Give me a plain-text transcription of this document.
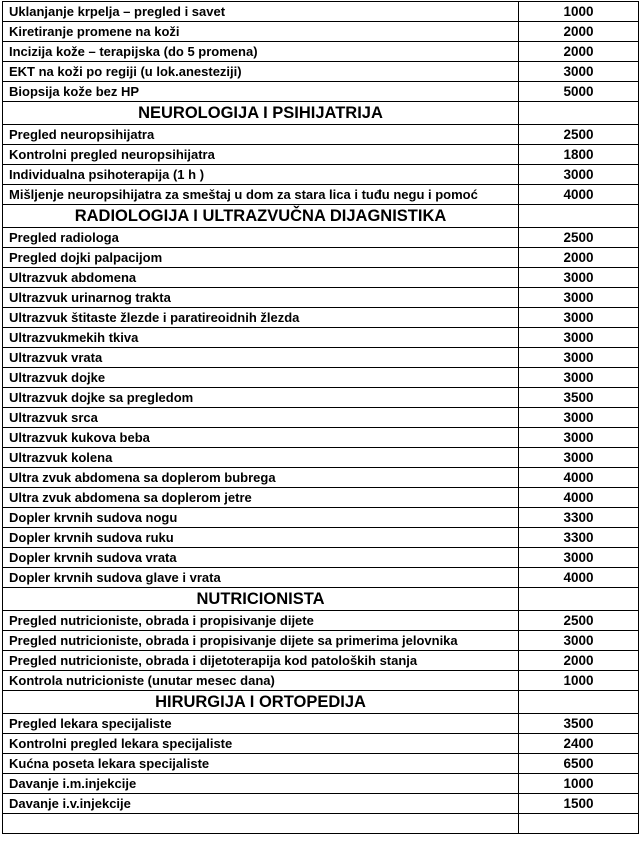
Uklanjanje krpelja – pregled i savet	1000
Kiretiranje promene na koži	2000
Incizija kože – terapijska (do 5 promena)	2000
EKT na koži po regiji (u lok.anesteziji)	3000
Biopsija kože bez HP	5000
NEUROLOGIJA I PSIHIJATRIJA	
Pregled neuropsihijatra	2500
Kontrolni pregled neuropsihijatra	1800
Individualna psihoterapija (1 h )	3000
Mišljenje neuropsihijatra za smeštaj u dom za stara lica i tuđu negu i pomoć	4000
RADIOLOGIJA I ULTRAZVUČNA DIJAGNISTIKA	
Pregled radiologa	2500
Pregled dojki palpacijom	2000
Ultrazvuk abdomena	3000
Ultrazvuk urinarnog trakta	3000
Ultrazvuk štitaste žlezde i paratireoidnih žlezda	3000
Ultrazvukmekih tkiva	3000
Ultrazvuk vrata	3000
Ultrazvuk dojke	3000
Ultrazvuk dojke sa pregledom	3500
Ultrazvuk srca	3000
Ultrazvuk kukova beba	3000
Ultrazvuk kolena	3000
Ultra zvuk abdomena sa doplerom bubrega	4000
Ultra zvuk abdomena sa doplerom jetre	4000
Dopler krvnih sudova nogu	3300
Dopler krvnih sudova ruku	3300
Dopler krvnih sudova vrata	3000
Dopler krvnih sudova glave i vrata	4000
NUTRICIONISTA	
Pregled nutricioniste, obrada i propisivanje dijete	2500
Pregled nutricioniste, obrada i propisivanje dijete sa primerima jelovnika	3000
Pregled nutricioniste, obrada i dijetoterapija kod patoloških stanja	2000
Kontrola nutricioniste (unutar mesec dana)	1000
HIRURGIJA I ORTOPEDIJA	
Pregled lekara specijaliste	3500
Kontrolni pregled lekara specijaliste	2400
Kućna poseta lekara specijaliste	6500
Davanje i.m.injekcije	1000
Davanje i.v.injekcije	1500
